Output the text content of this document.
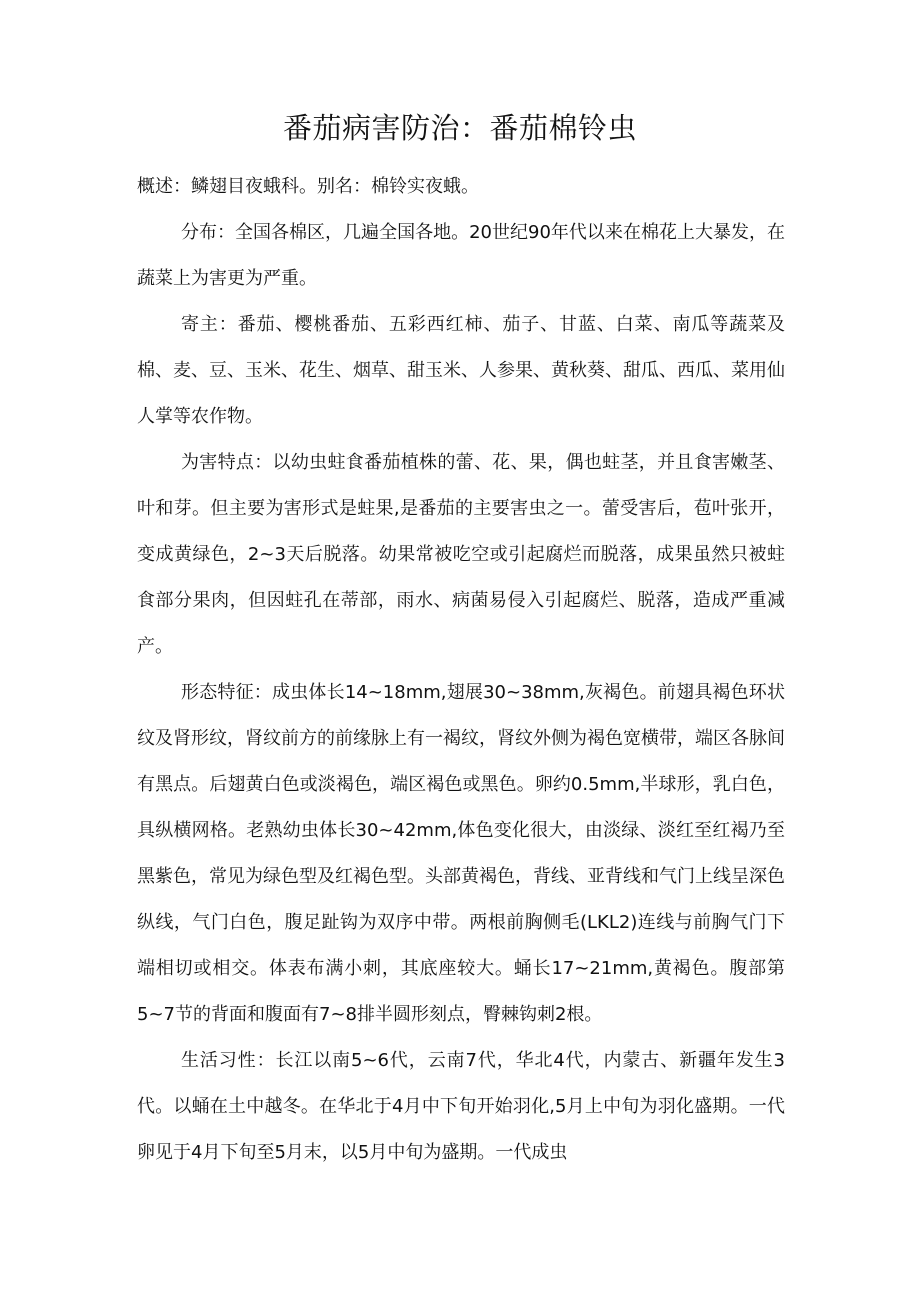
番茄病害防治：番茄棉铃虫

概述：鳞翅目夜蛾科。别名：棉铃实夜蛾。

分布：全国各棉区，几遍全国各地。20世纪90年代以来在棉花上大暴发，在蔬菜上为害更为严重。

寄主：番茄、樱桃番茄、五彩西红柿、茄子、甘蓝、白菜、南瓜等蔬菜及棉、麦、豆、玉米、花生、烟草、甜玉米、人参果、黄秋葵、甜瓜、西瓜、菜用仙人掌等农作物。

为害特点：以幼虫蛀食番茄植株的蕾、花、果，偶也蛀茎，并且食害嫩茎、叶和芽。但主要为害形式是蛀果,是番茄的主要害虫之一。蕾受害后，苞叶张开，变成黄绿色，2~3天后脱落。幼果常被吃空或引起腐烂而脱落，成果虽然只被蛀食部分果肉，但因蛀孔在蒂部，雨水、病菌易侵入引起腐烂、脱落，造成严重减产。

形态特征：成虫体长14~18mm,翅展30~38mm,灰褐色。前翅具褐色环状纹及肾形纹，肾纹前方的前缘脉上有一褐纹，肾纹外侧为褐色宽横带，端区各脉间有黑点。后翅黄白色或淡褐色，端区褐色或黑色。卵约0.5mm,半球形，乳白色，具纵横网格。老熟幼虫体长30~42mm,体色变化很大，由淡绿、淡红至红褐乃至黑紫色，常见为绿色型及红褐色型。头部黄褐色，背线、亚背线和气门上线呈深色纵线，气门白色，腹足趾钩为双序中带。两根前胸侧毛(LKL2)连线与前胸气门下端相切或相交。体表布满小刺，其底座较大。蛹长17~21mm,黄褐色。腹部第5~7节的背面和腹面有7~8排半圆形刻点，臀棘钩刺2根。

生活习性：长江以南5~6代，云南7代，华北4代，内蒙古、新疆年发生3代。以蛹在土中越冬。在华北于4月中下旬开始羽化,5月上中旬为羽化盛期。一代卵见于4月下旬至5月末，以5月中旬为盛期。一代成虫
